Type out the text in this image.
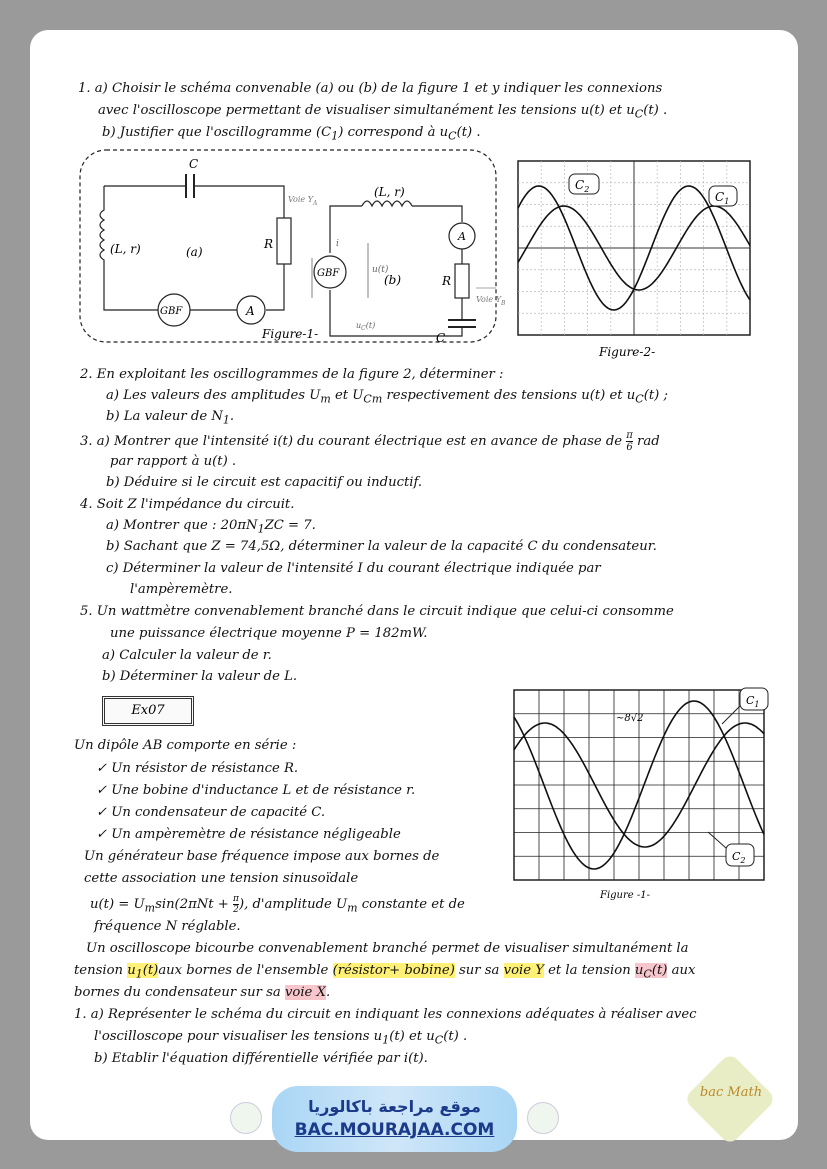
1. a) Choisir le schéma convenable (a) ou (b) de la figure 1 et y indiquer les connexions
avec l'oscilloscope permettant de visualiser simultanément les tensions u(t) et $u_C(t)$ .
b) Justifier que l'oscillogramme $(C_1)$ correspond à $u_C(t)$ .
C
(L, r)	(a)
R
GBF	A
(L, r)
A
R
GBF	(b)
C
Voie $Y_A$
Voie $Y_B$
u(t)
$u_C(t)$
i
Figure-1-
$C_2$
$C_1$
Figure-2-
2. En exploitant les oscillogrammes de la figure 2, déterminer :
a) Les valeurs des amplitudes $U_m$ et $U_{Cm}$ respectivement des tensions u(t) et $u_C(t)$ ;
b) La valeur de $N_1$.
3. a) Montrer que l'intensité i(t) du courant électrique est en avance de phase de $\frac{\pi}{6}$ rad
par rapport à u(t) .
b) Déduire si le circuit est capacitif ou inductif.
4. Soit Z l'impédance du circuit.
a) Montrer que : $20\pi N_1ZC = 7$.
b) Sachant que Z = 74,5Ω, déterminer la valeur de la capacité C du condensateur.
c) Déterminer la valeur de l'intensité I du courant électrique indiquée par
l'ampèremètre.
5. Un wattmètre convenablement branché dans le circuit indique que celui-ci consomme
une puissance électrique moyenne P = 182mW.
a) Calculer la valeur de r.
b) Déterminer la valeur de L.
Ex07
Un dipôle AB comporte en série :
✓ Un résistor de résistance R.
✓ Une bobine d'inductance L et de résistance r.
✓ Un condensateur de capacité C.
✓ Un ampèremètre de résistance négligeable
Un générateur base fréquence impose aux bornes de
cette association une tension sinusoïdale
$u(t) = U_m\sin(2\pi Nt + \frac{\pi}{2}$ ), d'amplitude $U_m$ constante et de
fréquence N réglable.
$C_1$
$C_2$
~8√2
Figure -1-
Un oscilloscope bicourbe convenablement branché permet de visualiser simultanément la
tension $u_1(t)aux$ bornes de l'ensemble (résistor+ bobine) sur sa voie Y et la tension $u_C(t)$ aux
bornes du condensateur sur sa voie X.
1. a) Représenter le schéma du circuit en indiquant les connexions adéquates à réaliser avec
l'oscilloscope pour visualiser les tensions $u_1(t)$ et $u_C(t)$ .
b) Etablir l'équation différentielle vérifiée par i(t).
موقع مراجعة باكالوريا
BAC.MOURAJAA.COM
bac Math
